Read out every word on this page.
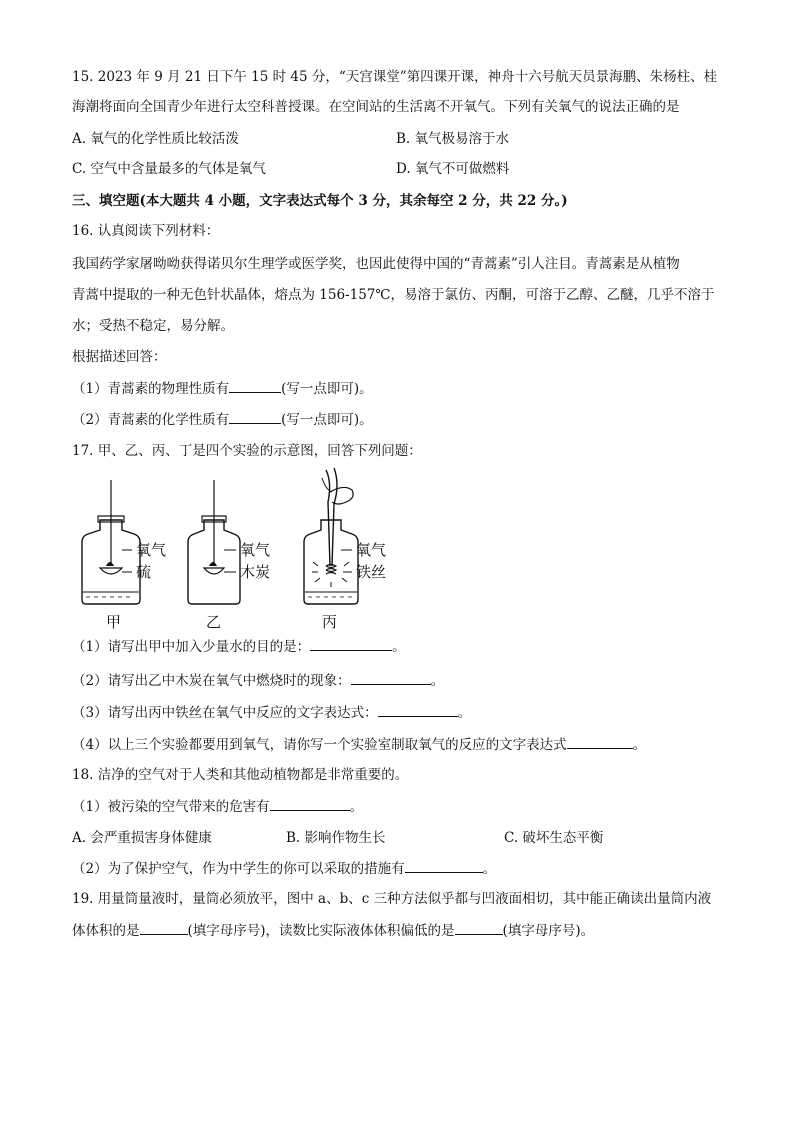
15. 2023 年 9 月 21 日下午 15 时 45 分，“天宫课堂”第四课开课，神舟十六号航天员景海鹏、朱杨柱、桂
海潮将面向全国青少年进行太空科普授课。在空间站的生活离不开氧气。下列有关氧气的说法正确的是
A. 氧气的化学性质比较活泼	B. 氧气极易溶于水
C. 空气中含量最多的气体是氧气	D. 氧气不可做燃料
三、填空题(本大题共 4 小题，文字表达式每个 3 分，其余每空 2 分，共 22 分。)
16. 认真阅读下列材料：
我国药学家屠呦呦获得诺贝尔生理学或医学奖，也因此使得中国的“青蒿素”引人注目。青蒿素是从植物
青蒿中提取的一种无色针状晶体，熔点为 156-157℃，易溶于氯仿、丙酮，可溶于乙醇、乙醚，几乎不溶于
水；受热不稳定，易分解。
根据描述回答：
（1）青蒿素的物理性质有	(写一点即可)。
（2）青蒿素的化学性质有	(写一点即可)。
17. 甲、乙、丙、丁是四个实验的示意图，回答下列问题：
氧气
硫
甲
氧气
木炭
乙
氧气
铁丝
丙
（1）请写出甲中加入少量水的目的是：	。
（2）请写出乙中木炭在氧气中燃烧时的现象：	。
（3）请写出丙中铁丝在氧气中反应的文字表达式：	。
（4）以上三个实验都要用到氧气，请你写一个实验室制取氧气的反应的文字表达式	。
18. 洁净的空气对于人类和其他动植物都是非常重要的。
（1）被污染的空气带来的危害有	。
A. 会严重损害身体健康	B. 影响作物生长	C. 破坏生态平衡
（2）为了保护空气，作为中学生的你可以采取的措施有	。
19. 用量筒量液时，量筒必须放平，图中 a、b、c 三种方法似乎都与凹液面相切，其中能正确读出量筒内液
体体积的是	(填字母序号)，读数比实际液体体积偏低的是	(填字母序号)。
